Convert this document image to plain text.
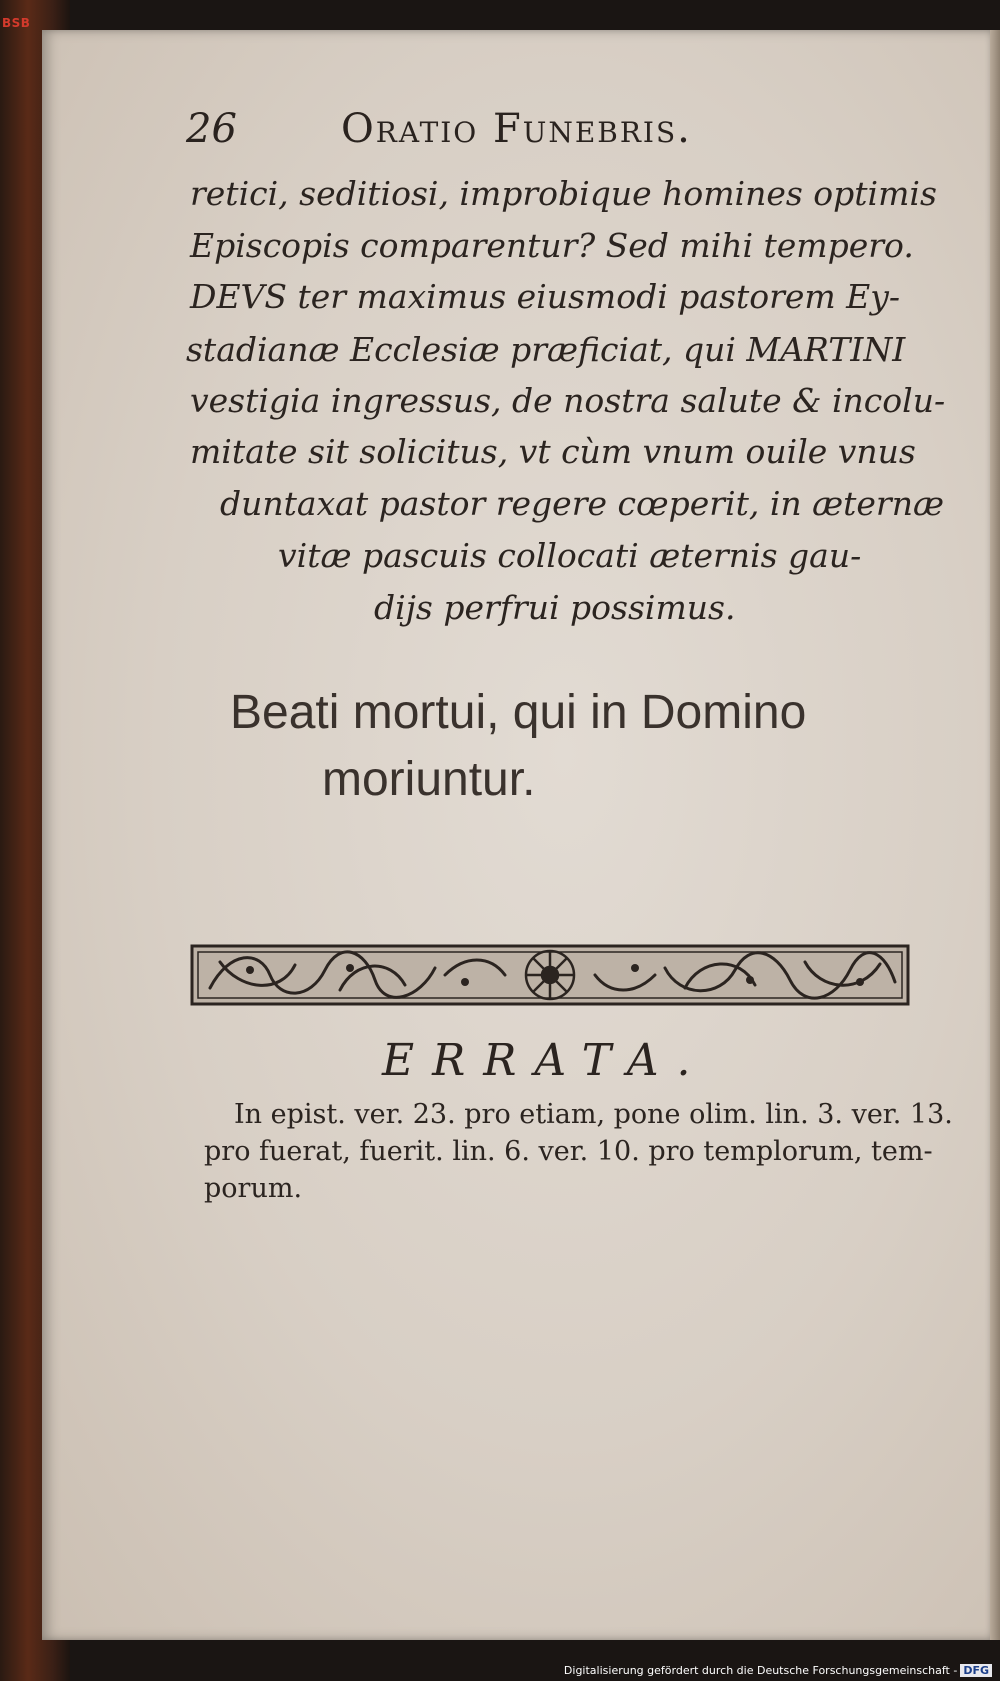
BSB
26	Oratio Funebris.
retici, seditiosi, improbique homines optimis
Episcopis comparentur? Sed mihi tempero.
DEVS ter maximus eiusmodi pastorem Ey-
stadianæ Ecclesiæ præficiat, qui MARTINI
vestigia ingressus, de nostra salute & incolu-
mitate sit solicitus, vt cùm vnum ouile vnus
duntaxat pastor regere cœperit, in æternæ
vitæ pascuis collocati æternis gau-
dijs perfrui possimus.
Beati mortui, qui in Domino
moriuntur.
ERRATA.
In epist. ver. 23. pro etiam, pone olim. lin. 3. ver. 13.
pro fuerat, fuerit. lin. 6. ver. 10. pro templorum, tem-
porum.
Digitalisierung gefördert durch die Deutsche Forschungsgemeinschaft - DFG
